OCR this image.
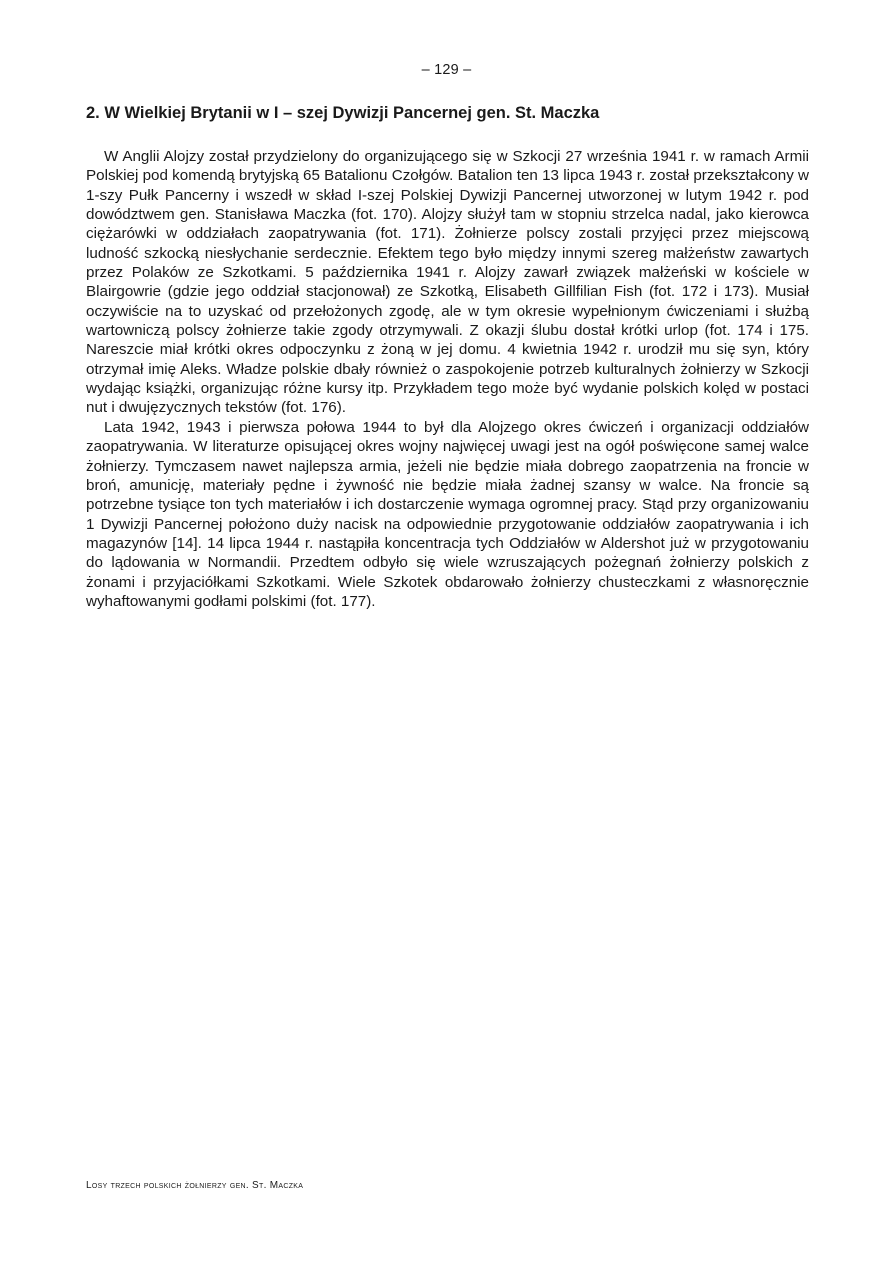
– 129 –
2. W Wielkiej Brytanii w I – szej Dywizji Pancernej gen. St. Maczka

W Anglii Alojzy został przydzielony do organizującego się w Szkocji 27 września 1941 r. w ramach Armii Polskiej pod komendą brytyjską 65 Batalionu Czołgów. Batalion ten 13 lipca 1943 r. został przekształcony w 1-szy Pułk Pancerny i wszedł w skład I-szej Polskiej Dywizji Pancernej utworzonej w lutym 1942 r. pod dowództwem gen. Stanisława Maczka (fot. 170). Alojzy służył tam w stopniu strzelca nadal, jako kierowca ciężarówki w oddziałach zaopatrywania (fot. 171). Żołnierze polscy zostali przyjęci przez miejscową ludność szkocką niesłychanie serdecznie. Efektem tego było między innymi szereg małżeństw zawartych przez Polaków ze Szkotkami. 5 października 1941 r. Alojzy zawarł związek małżeński w kościele w Blairgowrie (gdzie jego oddział stacjonował) ze Szkotką, Elisabeth Gillfilian Fish (fot. 172 i 173). Musiał oczywiście na to uzyskać od przełożonych zgodę, ale w tym okresie wypełnionym ćwiczeniami i służbą wartowniczą polscy żołnierze takie zgody otrzymywali. Z okazji ślubu dostał krótki urlop (fot. 174 i 175. Nareszcie miał krótki okres odpoczynku z żoną w jej domu. 4 kwietnia 1942 r. urodził mu się syn, który otrzymał imię Aleks. Władze polskie dbały również o zaspokojenie potrzeb kulturalnych żołnierzy w Szkocji wydając książki, organizując różne kursy itp. Przykładem tego może być wydanie polskich kolęd w postaci nut i dwujęzycznych tekstów (fot. 176).

Lata 1942, 1943 i pierwsza połowa 1944 to był dla Alojzego okres ćwiczeń i organizacji oddziałów zaopatrywania. W literaturze opisującej okres wojny najwięcej uwagi jest na ogół poświęcone samej walce żołnierzy. Tymczasem nawet najlepsza armia, jeżeli nie będzie miała dobrego zaopatrzenia na froncie w broń, amunicję, materiały pędne i żywność nie będzie miała żadnej szansy w walce. Na froncie są potrzebne tysiące ton tych materiałów i ich dostarczenie wymaga ogromnej pracy. Stąd przy organizowaniu 1 Dywizji Pancernej położono duży nacisk na odpowiednie przygotowanie oddziałów zaopatrywania i ich magazynów [14]. 14 lipca 1944 r. nastąpiła koncentracja tych Oddziałów w Aldershot już w przygotowaniu do lądowania w Normandii. Przedtem odbyło się wiele wzruszających pożegnań żołnierzy polskich z żonami i przyjaciółkami Szkotkami. Wiele Szkotek obdarowało żołnierzy chusteczkami z własnoręcznie wyhaftowanymi godłami polskimi (fot. 177).

Losy trzech polskich żołnierzy gen. St. Maczka
